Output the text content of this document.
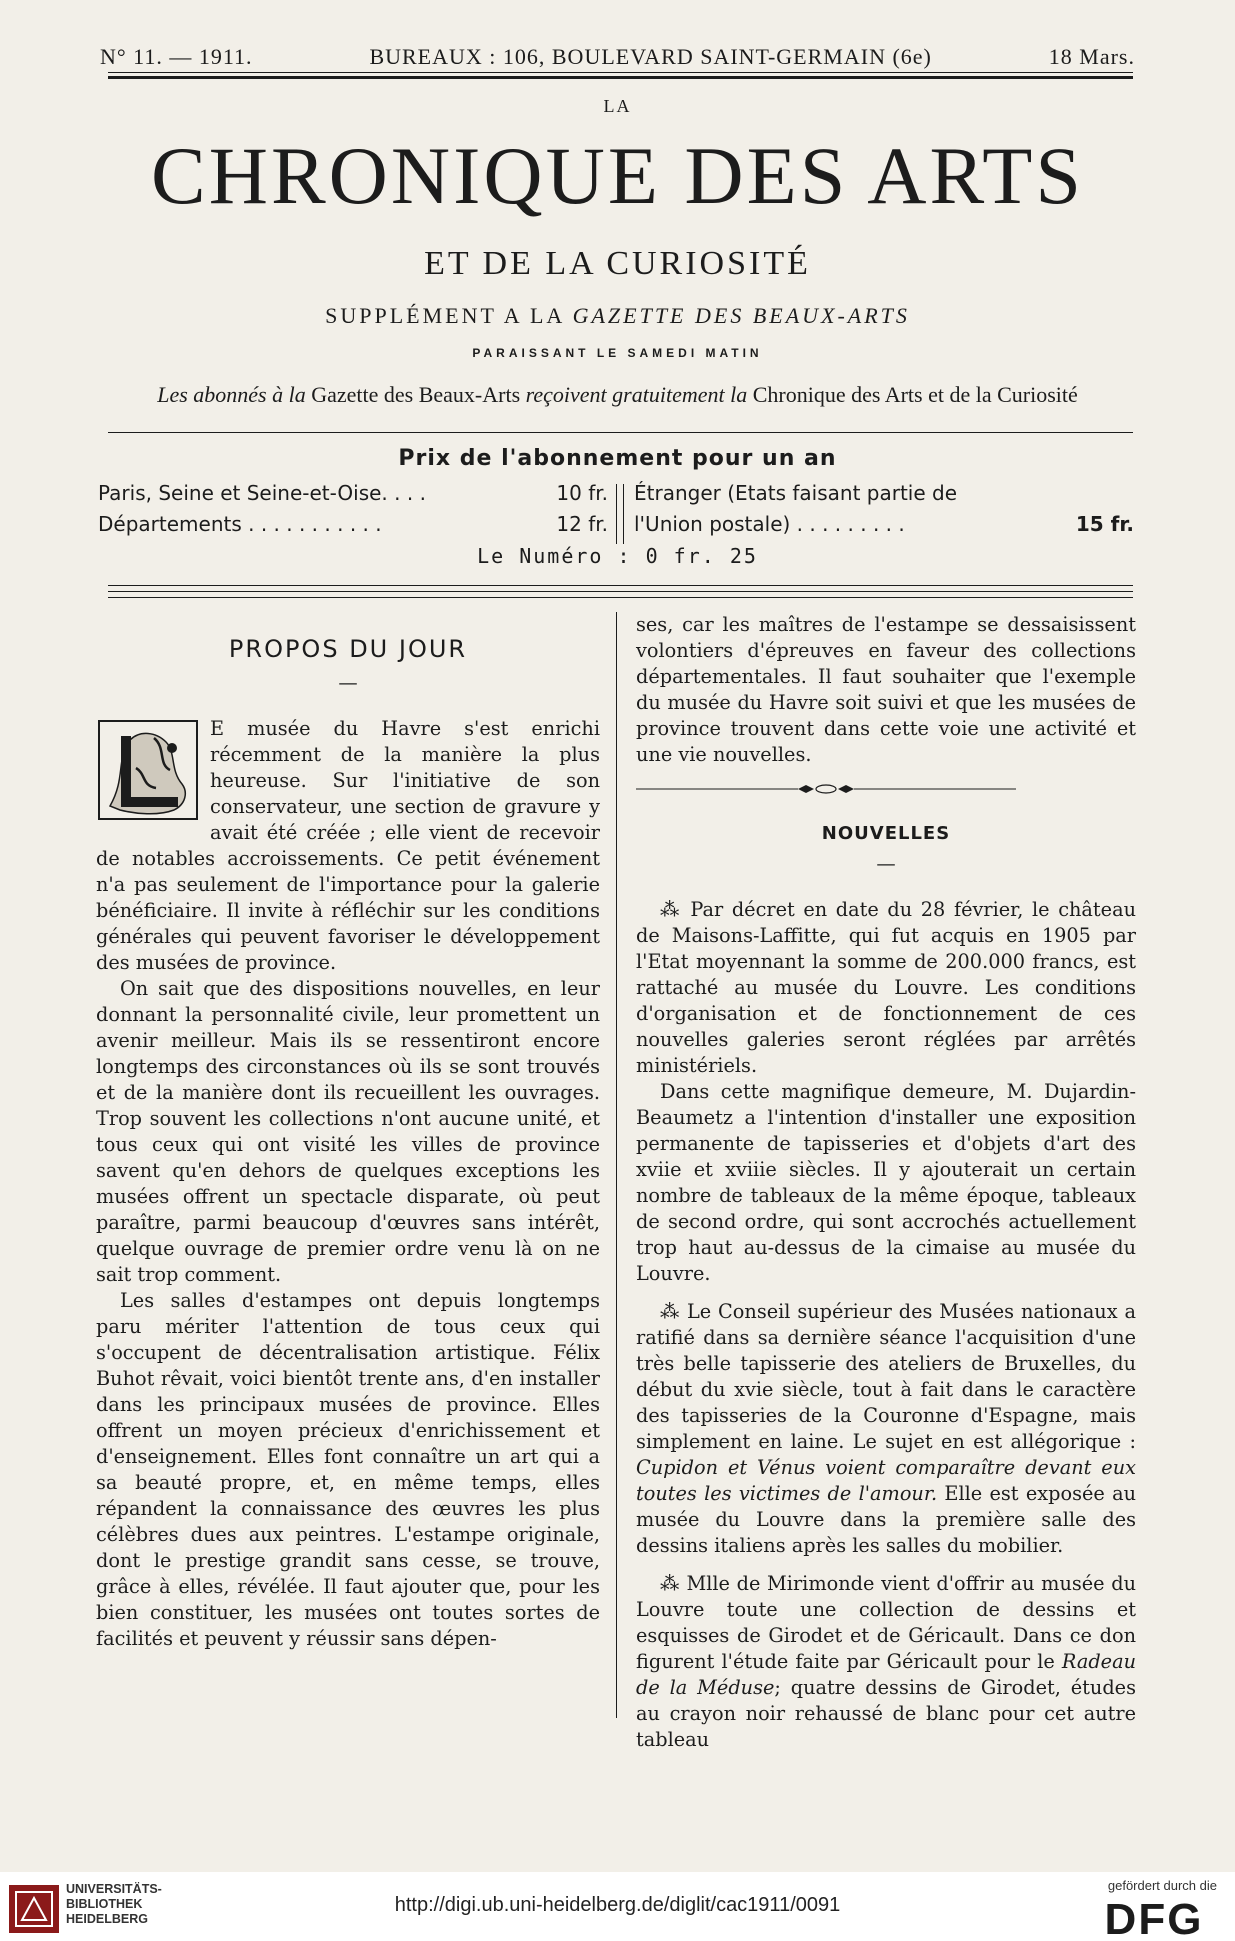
N° 11. — 1911.	BUREAUX : 106, BOULEVARD SAINT-GERMAIN (6e)	18 Mars.
LA
CHRONIQUE DES ARTS
ET DE LA CURIOSITÉ
SUPPLÉMENT A LA GAZETTE DES BEAUX-ARTS
PARAISSANT LE SAMEDI MATIN
Les abonnés à la Gazette des Beaux-Arts reçoivent gratuitement la Chronique des Arts et de la Curiosité
Prix de l'abonnement pour un an
Paris, Seine et Seine-et-Oise. . . .	10 fr.
Départements . . . . . . . . . . .	12 fr.
Étranger (Etats faisant partie de
l'Union postale) . . . . . . . . .	15 fr.
Le Numéro : 0 fr. 25
PROPOS DU JOUR
—

E musée du Havre s'est enrichi récemment de la manière la plus heureuse. Sur l'initiative de son conservateur, une section de gravure y avait été créée ; elle vient de recevoir de notables accroissements. Ce petit événement n'a pas seulement de l'importance pour la galerie bénéficiaire. Il invite à réfléchir sur les conditions générales qui peuvent favoriser le développement des musées de province.

On sait que des dispositions nouvelles, en leur donnant la personnalité civile, leur promettent un avenir meilleur. Mais ils se ressentiront encore longtemps des circonstances où ils se sont trouvés et de la manière dont ils recueillent les ouvrages. Trop souvent les collections n'ont aucune unité, et tous ceux qui ont visité les villes de province savent qu'en dehors de quelques exceptions les musées offrent un spectacle disparate, où peut paraître, parmi beaucoup d'œuvres sans intérêt, quelque ouvrage de premier ordre venu là on ne sait trop comment.

Les salles d'estampes ont depuis longtemps paru mériter l'attention de tous ceux qui s'occupent de décentralisation artistique. Félix Buhot rêvait, voici bientôt trente ans, d'en installer dans les principaux musées de province. Elles offrent un moyen précieux d'enrichissement et d'enseignement. Elles font connaître un art qui a sa beauté propre, et, en même temps, elles répandent la connaissance des œuvres les plus célèbres dues aux peintres. L'estampe originale, dont le prestige grandit sans cesse, se trouve, grâce à elles, révélée. Il faut ajouter que, pour les bien constituer, les musées ont toutes sortes de facilités et peuvent y réussir sans dépen-

ses, car les maîtres de l'estampe se dessaisissent volontiers d'épreuves en faveur des collections départementales. Il faut souhaiter que l'exemple du musée du Havre soit suivi et que les musées de province trouvent dans cette voie une activité et une vie nouvelles.

NOUVELLES
—

⁂ Par décret en date du 28 février, le château de Maisons-Laffitte, qui fut acquis en 1905 par l'Etat moyennant la somme de 200.000 francs, est rattaché au musée du Louvre. Les conditions d'organisation et de fonctionnement de ces nouvelles galeries seront réglées par arrêtés ministériels.

Dans cette magnifique demeure, M. Dujardin-Beaumetz a l'intention d'installer une exposition permanente de tapisseries et d'objets d'art des xviie et xviiie siècles. Il y ajouterait un certain nombre de tableaux de la même époque, tableaux de second ordre, qui sont accrochés actuellement trop haut au-dessus de la cimaise au musée du Louvre.

⁂ Le Conseil supérieur des Musées nationaux a ratifié dans sa dernière séance l'acquisition d'une très belle tapisserie des ateliers de Bruxelles, du début du xvie siècle, tout à fait dans le caractère des tapisseries de la Couronne d'Espagne, mais simplement en laine. Le sujet en est allégorique : Cupidon et Vénus voient comparaître devant eux toutes les victimes de l'amour. Elle est exposée au musée du Louvre dans la première salle des dessins italiens après les salles du mobilier.

⁂ Mlle de Mirimonde vient d'offrir au musée du Louvre toute une collection de dessins et esquisses de Girodet et de Géricault. Dans ce don figurent l'étude faite par Géricault pour le Radeau de la Méduse; quatre dessins de Girodet, études au crayon noir rehaussé de blanc pour cet autre tableau

UNIVERSITÄTS-
BIBLIOTHEK
HEIDELBERG
http://digi.ub.uni-heidelberg.de/diglit/cac1911/0091
gefördert durch die
DFG
